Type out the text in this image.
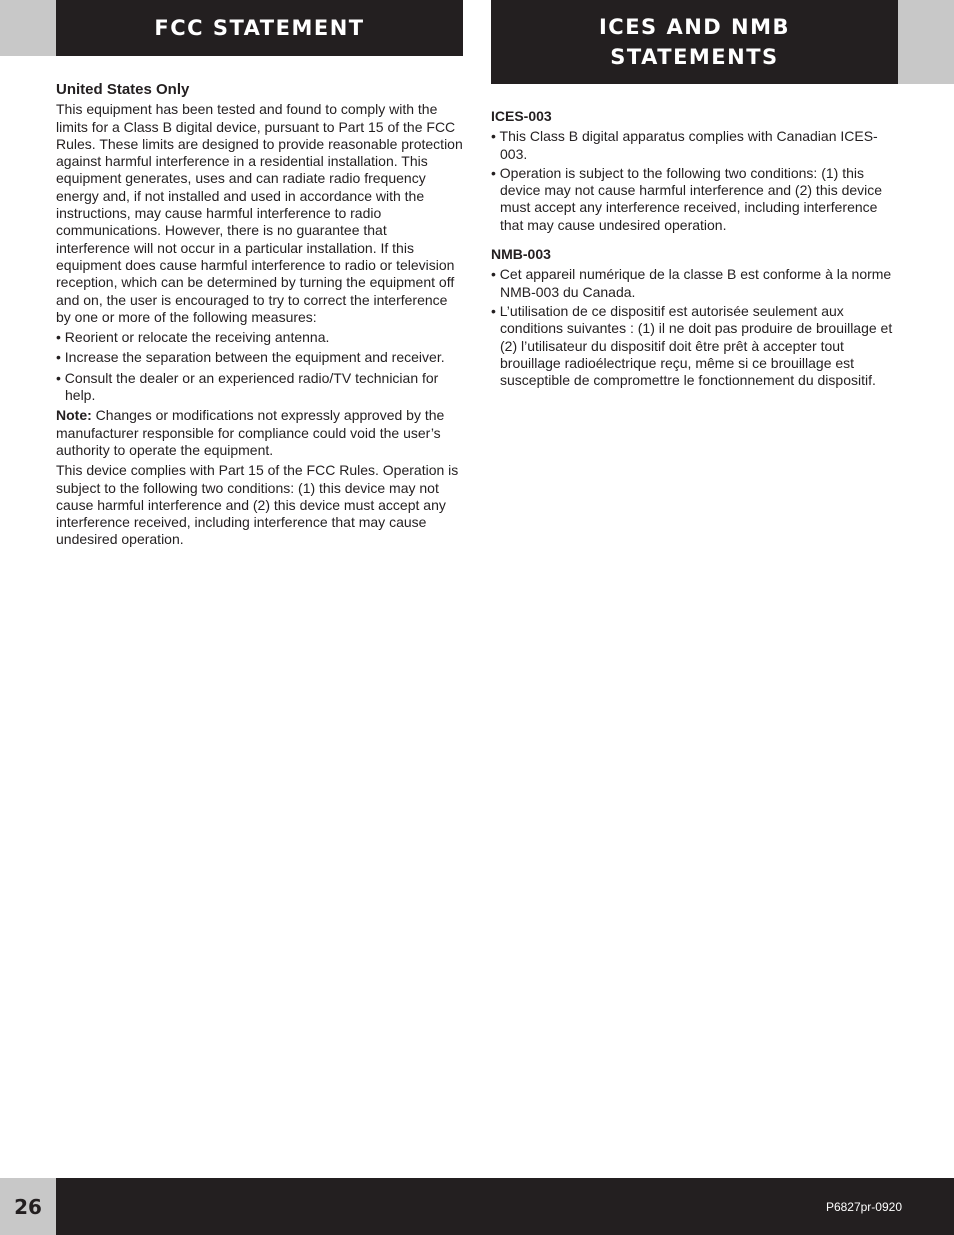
FCC STATEMENT	ICES AND NMB
STATEMENTS

United States Only

This equipment has been tested and found to comply with the limits for a Class B digital device, pursuant to Part 15 of the FCC Rules. These limits are designed to provide reasonable protection against harmful interference in a residential installation. This equipment generates, uses and can radiate radio frequency energy and, if not installed and used in accordance with the instructions, may cause harmful interference to radio communications. However, there is no guarantee that interference will not occur in a particular installation. If this equipment does cause harmful interference to radio or television reception, which can be determined by turning the equipment off and on, the user is encouraged to try to correct the interference by one or more of the following measures:

• Reorient or relocate the receiving antenna.

• Increase the separation between the equipment and receiver.

• Consult the dealer or an experienced radio/TV technician for help.

Note: Changes or modifications not expressly approved by the manufacturer responsible for compliance could void the user’s authority to operate the equipment.

This device complies with Part 15 of the FCC Rules. Operation is subject to the following two conditions: (1) this device may not cause harmful interference and (2) this device must accept any interference received, including interference that may cause undesired operation.

ICES-003

• This Class B digital apparatus complies with Canadian ICES-003.

• Operation is subject to the following two conditions: (1) this device may not cause harmful interference and (2) this device must accept any interference received, including interference that may cause undesired operation.

NMB-003

• Cet appareil numérique de la classe B est conforme à la norme NMB-003 du Canada.

• L’utilisation de ce dispositif est autorisée seulement aux conditions suivantes : (1) il ne doit pas produire de brouillage et (2) l’utilisateur du dispositif doit être prêt à accepter tout brouillage radioélectrique reçu, même si ce brouillage est susceptible de compromettre le fonctionnement du dispositif.

26	P6827pr-0920
